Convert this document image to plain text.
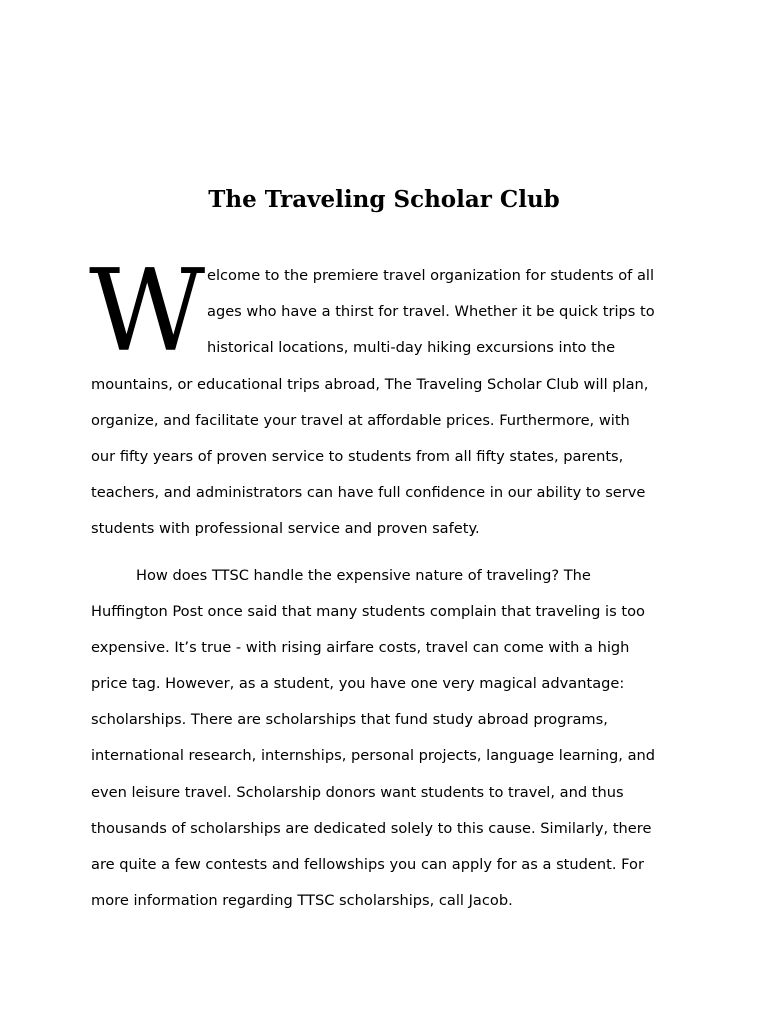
The Traveling Scholar Club
W elcome to the premiere travel organization for students of all
ages who have a thirst for travel. Whether it be quick trips to
historical locations, multi-day hiking excursions into the
mountains, or educational trips abroad, The Traveling Scholar Club will plan,
organize, and facilitate your travel at affordable prices. Furthermore, with
our fifty years of proven service to students from all fifty states, parents,
teachers, and administrators can have full confidence in our ability to serve
students with professional service and proven safety.
How does TTSC handle the expensive nature of traveling? The
Huffington Post once said that many students complain that traveling is too
expensive. It’s true - with rising airfare costs, travel can come with a high
price tag. However, as a student, you have one very magical advantage:
scholarships. There are scholarships that fund study abroad programs,
international research, internships, personal projects, language learning, and
even leisure travel. Scholarship donors want students to travel, and thus
thousands of scholarships are dedicated solely to this cause. Similarly, there
are quite a few contests and fellowships you can apply for as a student. For
more information regarding TTSC scholarships, call Jacob.
